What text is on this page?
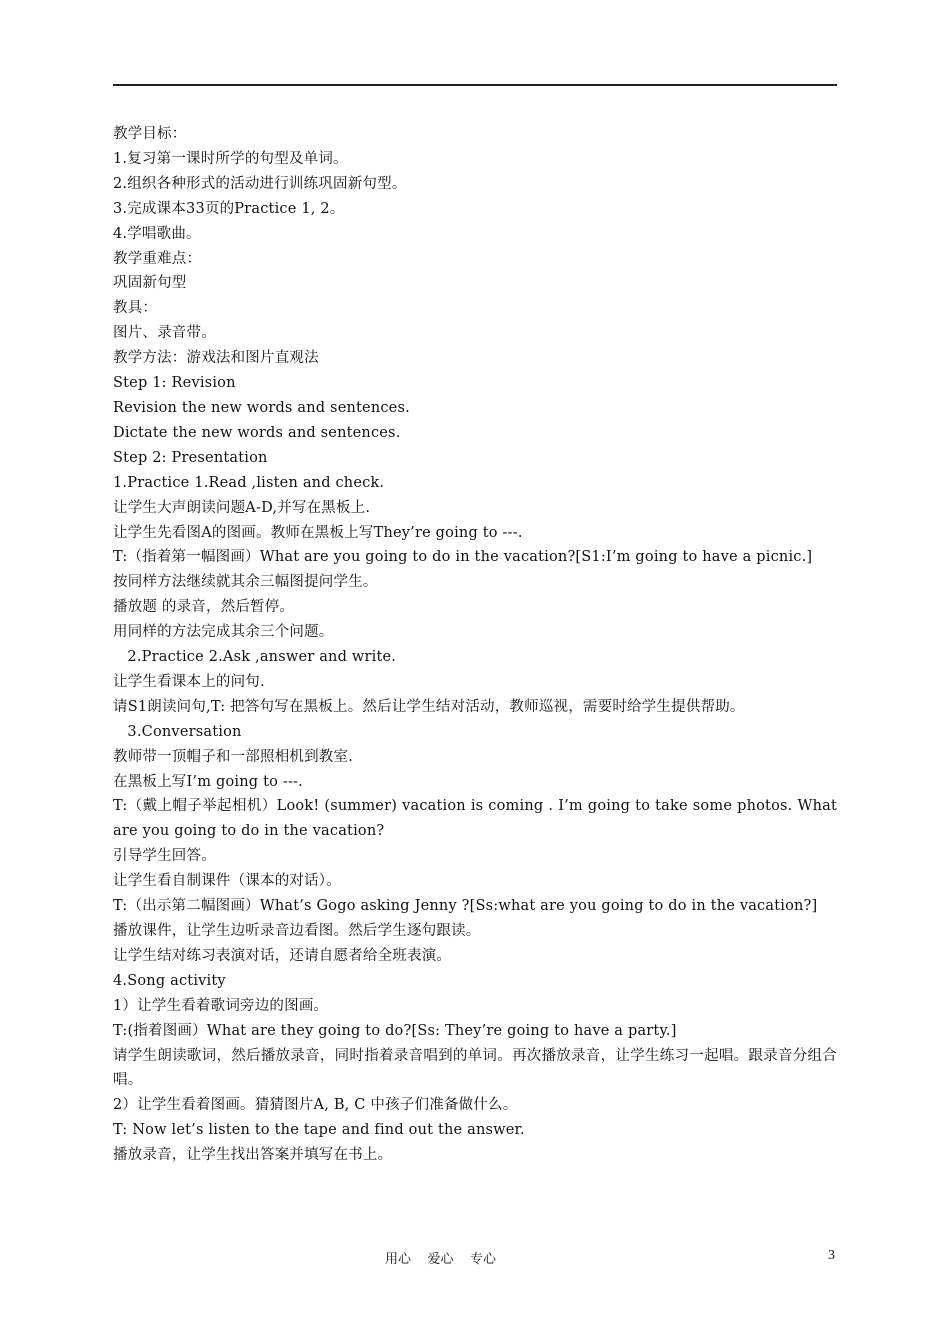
教学目标：
1.复习第一课时所学的句型及单词。
2.组织各种形式的活动进行训练巩固新句型。
3.完成课本33页的Practice 1, 2。
4.学唱歌曲。
教学重难点：
巩固新句型
教具：
图片、录音带。
教学方法：游戏法和图片直观法
Step 1: Revision
Revision the new words and sentences.
Dictate the new words and sentences.
Step 2: Presentation
1.Practice 1.Read ,listen and check.
让学生大声朗读问题A-D,并写在黑板上.
让学生先看图A的图画。教师在黑板上写They’re going to ---.
T:（指着第一幅图画）What are you going to do in the vacation?[S1:I’m going to have a picnic.]
按同样方法继续就其余三幅图提问学生。
播放题 的录音，然后暂停。
用同样的方法完成其余三个问题。
2.Practice 2.Ask ,answer and write.
让学生看课本上的问句.
请S1朗读问句,T: 把答句写在黑板上。然后让学生结对活动，教师巡视，需要时给学生提供帮助。
3.Conversation
教师带一顶帽子和一部照相机到教室.
在黑板上写I’m going to ---.
T:（戴上帽子举起相机）Look! (summer) vacation is coming . I’m going to take some photos. What are you going to do in the vacation?
引导学生回答。
让学生看自制课件（课本的对话）。
T:（出示第二幅图画）What’s Gogo asking Jenny ?[Ss:what are you going to do in the vacation?]
播放课件，让学生边听录音边看图。然后学生逐句跟读。
让学生结对练习表演对话，还请自愿者给全班表演。
4.Song activity
1）让学生看着歌词旁边的图画。
T:(指着图画）What are they going to do?[Ss: They’re going to have a party.]
请学生朗读歌词，然后播放录音，同时指着录音唱到的单词。再次播放录音，让学生练习一起唱。跟录音分组合唱。
2）让学生看着图画。猜猜图片A, B, C 中孩子们准备做什么。
T: Now let’s listen to the tape and find out the answer.
播放录音，让学生找出答案并填写在书上。
用心    爱心    专心	3
